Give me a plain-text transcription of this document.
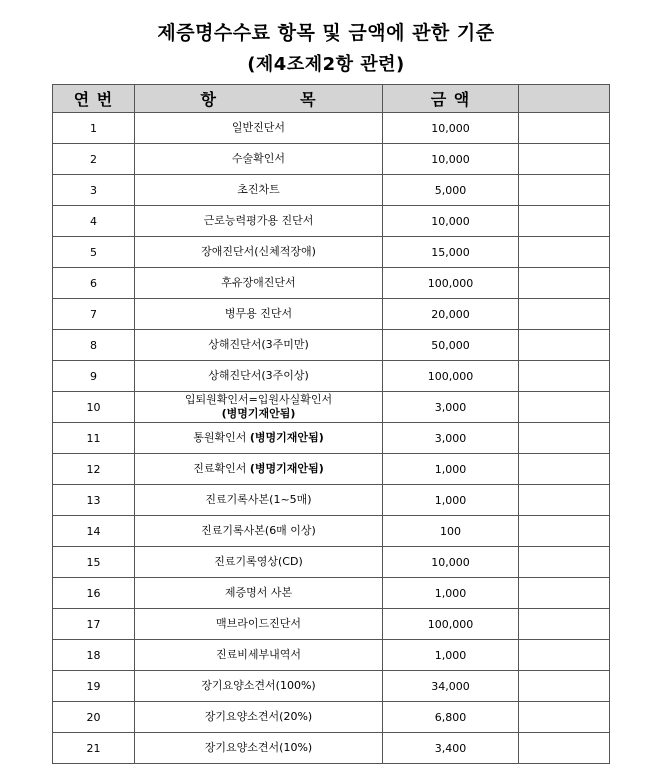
제증명수수료 항목 및 금액에 관한 기준
(제4조제2항 관련)
연 번	항 목	금 액	
1	일반진단서	10,000	
2	수술확인서	10,000	
3	초진차트	5,000	
4	근로능력평가용 진단서	10,000	
5	장애진단서(신체적장애)	15,000	
6	후유장애진단서	100,000	
7	병무용 진단서	20,000	
8	상해진단서(3주미만)	50,000	
9	상해진단서(3주이상)	100,000	
10	입퇴원확인서=입원사실확인서
(병명기재안됨)	3,000	
11	통원확인서 (병명기재안됨)	3,000	
12	진료확인서 (병명기재안됨)	1,000	
13	진료기록사본(1~5매)	1,000	
14	진료기록사본(6매 이상)	100	
15	진료기록영상(CD)	10,000	
16	제증명서 사본	1,000	
17	맥브라이드진단서	100,000	
18	진료비세부내역서	1,000	
19	장기요양소견서(100%)	34,000	
20	장기요양소견서(20%)	6,800	
21	장기요양소견서(10%)	3,400	
